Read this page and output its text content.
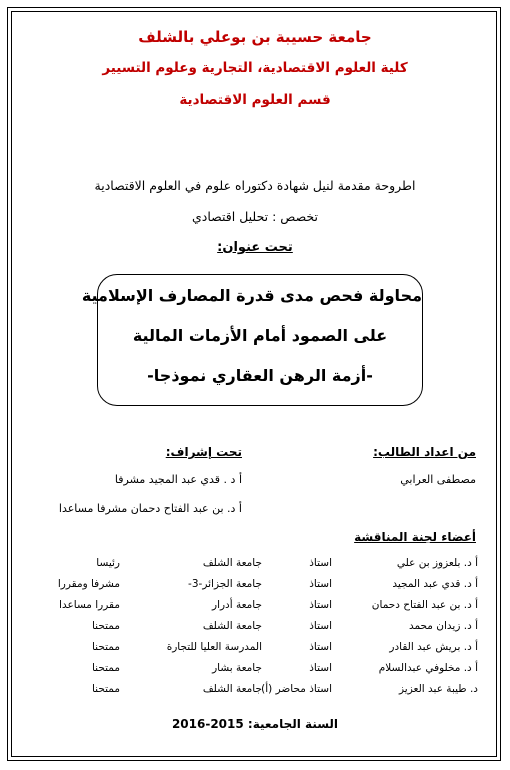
جامعة حسيبة بن بوعلي بالشلف
كلية العلوم الاقتصادية، التجارية وعلوم التسيير
قسم العلوم الاقتصادية
اطروحة مقدمة لنيل شهادة دكتوراه علوم في العلوم الاقتصادية
تخصص : تحليل اقتصادي
تحت عنوان:
محاولة فحص مدى قدرة المصارف الإسلامية
على الصمود أمام الأزمات المالية
-أزمة الرهن العقاري نموذجا-
من اعداد الطالب:
مصطفى العرابي
تحت إشراف:
أ د . قدي عبد المجيد مشرفا
أ د. بن عبد الفتاح دحمان مشرفا مساعدا
أعضاء لجنة المناقشة
أ د. بلعزوز بن علي
استاذ
جامعة الشلف
رئيسا
أ د. قدي عبد المجيد
استاذ
جامعة الجزائر-3-
مشرفا ومقررا
أ د. بن عبد الفتاح دحمان
استاذ
جامعة أدرار
مقررا مساعدا
أ د. زيدان محمد
استاذ
جامعة الشلف
ممتحنا
أ د. بريش عبد القادر
استاذ
المدرسة العليا للتجارة
ممتحنا
أ د. مخلوفي عبدالسلام
استاذ
جامعة بشار
ممتحنا
د. طيبة عبد العزيز
استاذ محاضر (أ)
جامعة الشلف
ممتحنا
السنة الجامعية: 2015-2016
